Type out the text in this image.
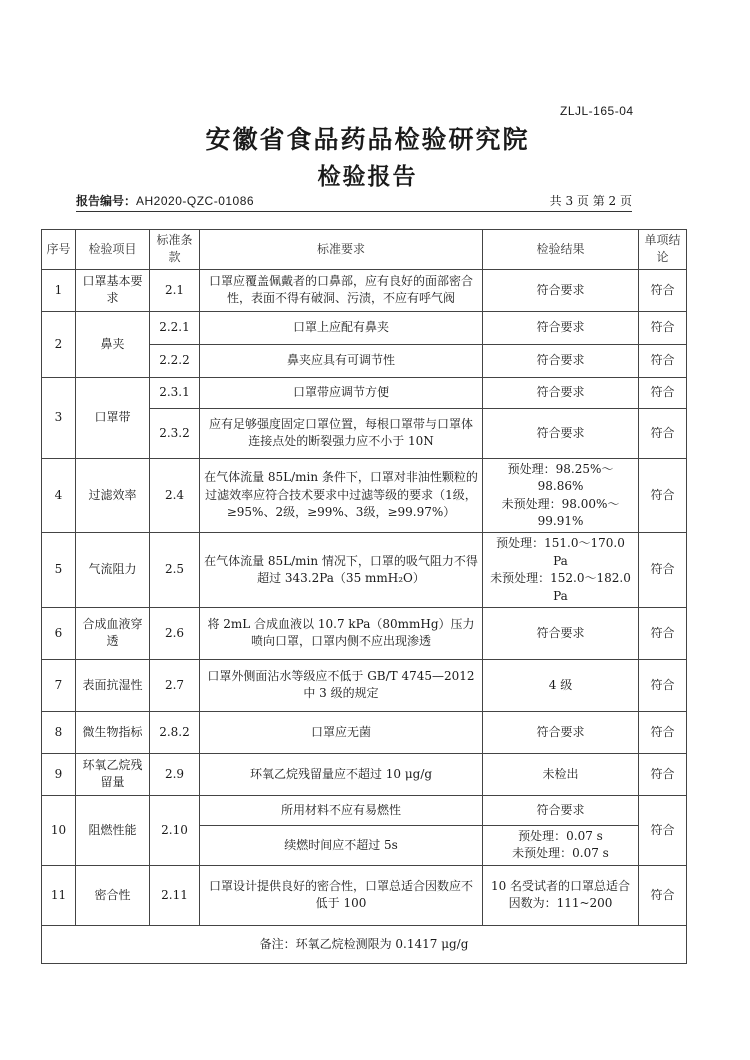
ZLJL-165-04
安徽省食品药品检验研究院
检验报告
报告编号：AH2020-QZC-01086	共 3 页 第 2 页
序号	检验项目	标准条款	标准要求	检验结果	单项结论
1	口罩基本要求	2.1	口罩应覆盖佩戴者的口鼻部，应有良好的面部密合性，表面不得有破洞、污渍，不应有呼气阀	符合要求	符合
2	鼻夹	2.2.1	口罩上应配有鼻夹	符合要求	符合
		2.2.2	鼻夹应具有可调节性	符合要求	符合
3	口罩带	2.3.1	口罩带应调节方便	符合要求	符合
		2.3.2	应有足够强度固定口罩位置，每根口罩带与口罩体连接点处的断裂强力应不小于 10N	符合要求	符合
4	过滤效率	2.4	在气体流量 85L/min 条件下，口罩对非油性颗粒的过滤效率应符合技术要求中过滤等级的要求（1级，≥95%、2级，≥99%、3级，≥99.97%）	预处理：98.25%～98.86%
未预处理：98.00%～99.91%	符合
5	气流阻力	2.5	在气体流量 85L/min 情况下，口罩的吸气阻力不得超过 343.2Pa（35 mmH₂O）	预处理：151.0～170.0 Pa
未预处理：152.0～182.0 Pa	符合
6	合成血液穿透	2.6	将 2mL 合成血液以 10.7 kPa（80mmHg）压力喷向口罩，口罩内侧不应出现渗透	符合要求	符合
7	表面抗湿性	2.7	口罩外侧面沾水等级应不低于 GB/T 4745—2012 中 3 级的规定	4 级	符合
8	微生物指标	2.8.2	口罩应无菌	符合要求	符合
9	环氧乙烷残留量	2.9	环氧乙烷残留量应不超过 10 μg/g	未检出	符合
10	阻燃性能	2.10	所用材料不应有易燃性	符合要求	符合
			续燃时间应不超过 5s	预处理：0.07 s
未预处理：0.07 s	
11	密合性	2.11	口罩设计提供良好的密合性，口罩总适合因数应不低于 100	10 名受试者的口罩总适合因数为：111~200	符合
备注：环氧乙烷检测限为 0.1417 μg/g					
